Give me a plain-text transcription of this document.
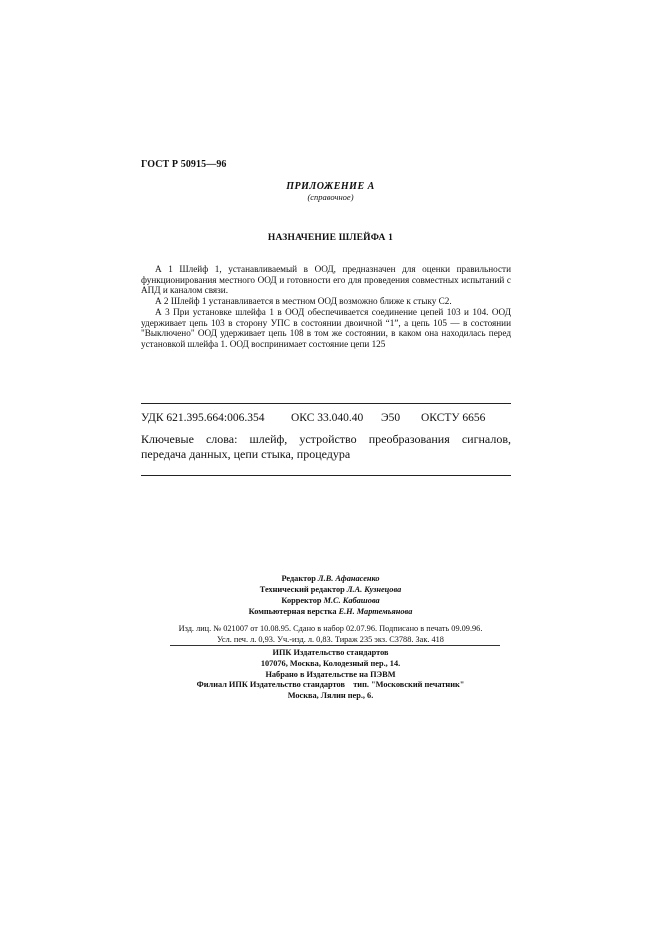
ГОСТ Р 50915—96
ПРИЛОЖЕНИЕ А
(справочное)
НАЗНАЧЕНИЕ ШЛЕЙФА 1

А 1 Шлейф 1, устанавливаемый в ООД, предназначен для оценки правильности функционирования местного ООД и готовности его для проведения совместных испытаний с АПД и каналом связи.

А 2 Шлейф 1 устанавливается в местном ООД возможно ближе к стыку С2.

А 3 При установке шлейфа 1 в ООД обеспечивается соединение цепей 103 и 104. ООД удерживает цепь 103 в сторону УПС в состоянии двоичной “1”, а цепь 105 — в состоянии "Выключено" ООД удерживает цепь 108 в том же состоянии, в каком она находилась перед установкой шлейфа 1. ООД воспринимает состояние цепи 125

УДК 621.395.664:006.354	ОКС 33.040.40	Э50	ОКСТУ 6656
Ключевые слова: шлейф, устройство преобразования сигналов, передача данных, цепи стыка, процедура
Редактор Л.В. Афанасенко
Технический редактор Л.А. Кузнецова
Корректор М.С. Кабашова
Компьютерная верстка Е.Н. Мартемьянова
Изд. лиц. № 021007 от 10.08.95. Сдано в набор 02.07.96. Подписано в печать 09.09.96.
Усл. печ. л. 0,93. Уч.-изд. л. 0,83. Тираж 235 экз. С3788. Зак. 418
ИПК Издательство стандартов
107076, Москва, Колодезный пер., 14.
Набрано в Издательстве на ПЭВМ
Филиал ИПК Издательство стандартов    тип. "Московский печатник"
Москва, Лялин пер., 6.
